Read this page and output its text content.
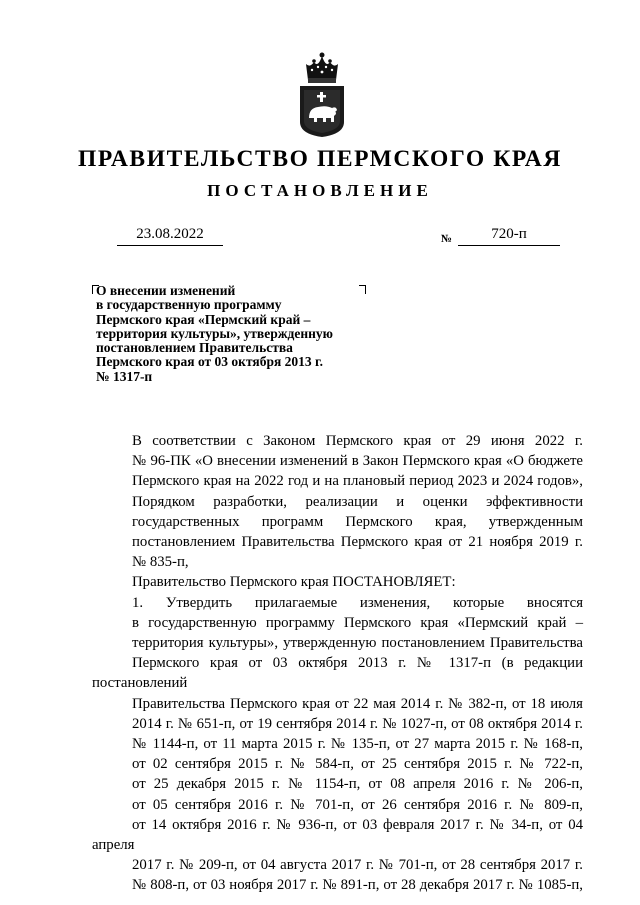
ПРАВИТЕЛЬСТВО ПЕРМСКОГО КРАЯ
ПОСТАНОВЛЕНИЕ
23.08.2022	№	720-п
О внесении изменений
в государственную программу
Пермского края «Пермский край –
территория культуры», утвержденную
постановлением Правительства
Пермского края от 03 октября 2013 г.
№ 1317-п

В соответствии с Законом Пермского края от 29 июня 2022 г.
№ 96-ПК «О внесении изменений в Закон Пермского края «О бюджете
Пермского края на 2022 год и на плановый период 2023 и 2024 годов»,
Порядком разработки, реализации и оценки эффективности
государственных программ Пермского края, утвержденным
постановлением Правительства Пермского края от 21 ноября 2019 г.
№ 835-п,

Правительство Пермского края ПОСТАНОВЛЯЕТ:

1. Утвердить прилагаемые изменения, которые вносятся
в государственную программу Пермского края «Пермский край –
территория культуры», утвержденную постановлением Правительства
Пермского края от 03 октября 2013 г. № 1317-п (в редакции постановлений
Правительства Пермского края от 22 мая 2014 г. № 382-п, от 18 июля
2014 г. № 651-п, от 19 сентября 2014 г. № 1027-п, от 08 октября 2014 г.
№ 1144-п, от 11 марта 2015 г. № 135-п, от 27 марта 2015 г. № 168-п,
от 02 сентября 2015 г. № 584-п, от 25 сентября 2015 г. № 722-п,
от 25 декабря 2015 г. № 1154-п, от 08 апреля 2016 г. № 206-п,
от 05 сентября 2016 г. № 701-п, от 26 сентября 2016 г. № 809-п,
от 14 октября 2016 г. № 936-п, от 03 февраля 2017 г. № 34-п, от 04 апреля
2017 г. № 209-п, от 04 августа 2017 г. № 701-п, от 28 сентября 2017 г.
№ 808-п, от 03 ноября 2017 г. № 891-п, от 28 декабря 2017 г. № 1085-п,
